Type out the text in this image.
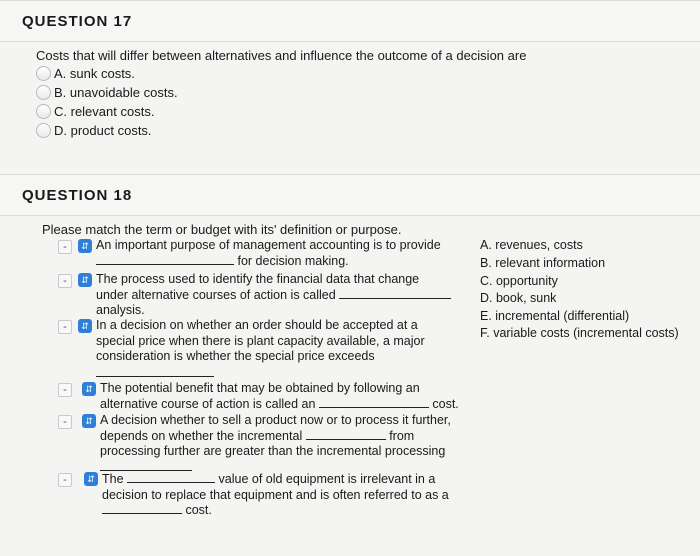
QUESTION 17
Costs that will differ between alternatives and influence the outcome of a decision are
A. sunk costs.
B. unavoidable costs.
C. relevant costs.
D. product costs.
QUESTION 18
Please match the term or budget with its' definition or purpose.
-	⇵ An important purpose of management accounting is to provide
for decision making.
-	⇵ The process used to identify the financial data that change
under alternative courses of action is called
analysis.
-	⇵ In a decision on whether an order should be accepted at a
special price when there is plant capacity available, a major
consideration is whether the special price exceeds
-	⇵ The potential benefit that may be obtained by following an
alternative course of action is called an	cost.
-	⇵ A decision whether to sell a product now or to process it further,
depends on whether the incremental	from
processing further are greater than the incremental processing
-	⇵ The	value of old equipment is irrelevant in a
decision to replace that equipment and is often referred to as a
cost.
A. revenues, costs
B. relevant information
C. opportunity
D. book, sunk
E. incremental (differential)
F. variable costs (incremental costs)
